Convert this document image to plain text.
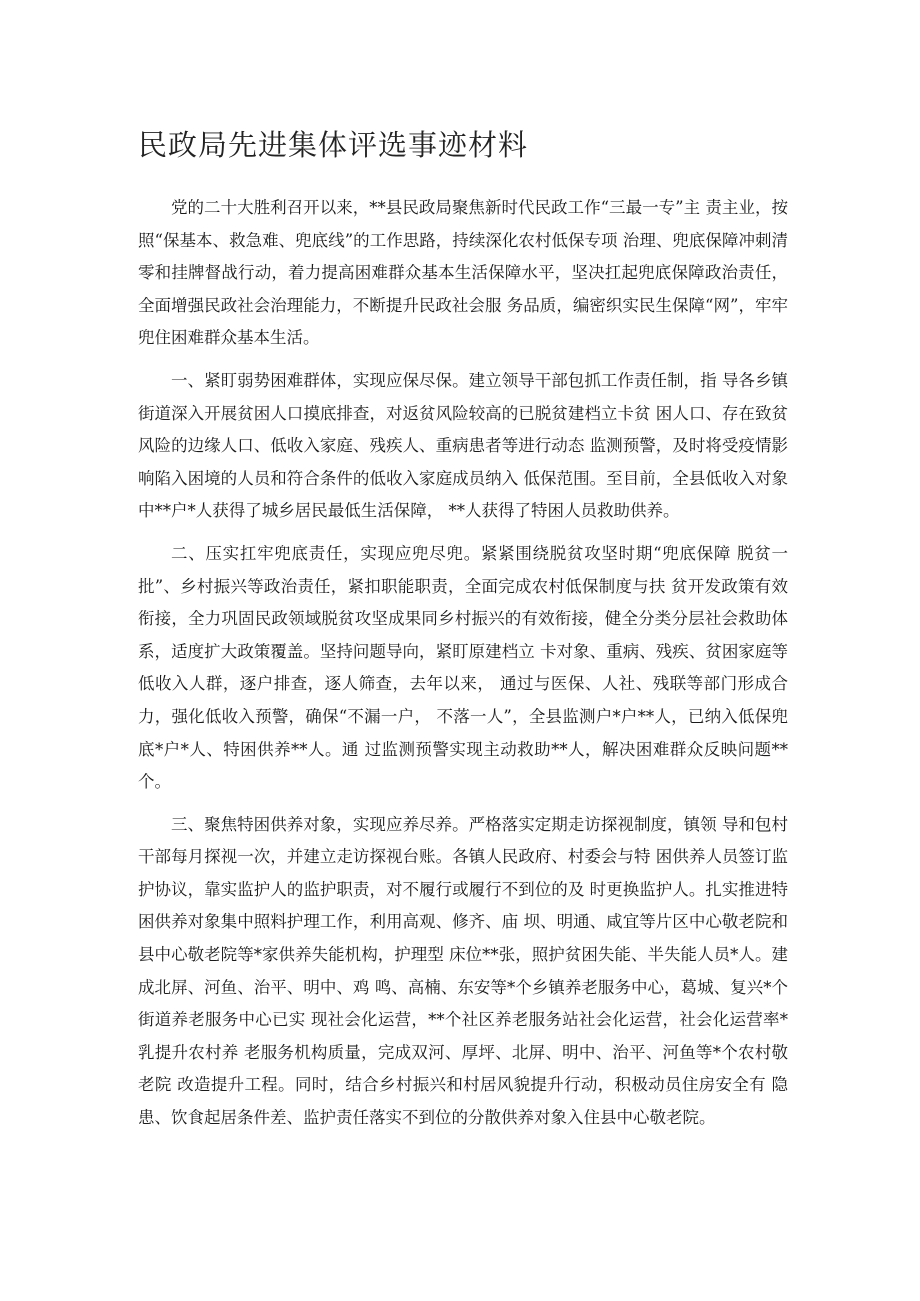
民政局先进集体评选事迹材料

党的二十大胜利召开以来，**县民政局聚焦新时代民政工作“三最一专”主 责主业，按照“保基本、救急难、兜底线”的工作思路，持续深化农村低保专项 治理、兜底保障冲刺清零和挂牌督战行动，着力提高困难群众基本生活保障水平，坚决扛起兜底保障政治责任，全面增强民政社会治理能力，不断提升民政社会服 务品质，编密织实民生保障“网”，牢牢兜住困难群众基本生活。

一、紧盯弱势困难群体，实现应保尽保。建立领导干部包抓工作责任制，指 导各乡镇街道深入开展贫困人口摸底排查，对返贫风险较高的已脱贫建档立卡贫 困人口、存在致贫风险的边缘人口、低收入家庭、残疾人、重病患者等进行动态 监测预警，及时将受疫情影响陷入困境的人员和符合条件的低收入家庭成员纳入 低保范围。至目前，全县低收入对象中**户*人获得了城乡居民最低生活保障， **人获得了特困人员救助供养。

二、压实扛牢兜底责任，实现应兜尽兜。紧紧围绕脱贫攻坚时期“兜底保障 脱贫一批”、乡村振兴等政治责任，紧扣职能职责，全面完成农村低保制度与扶 贫开发政策有效衔接，全力巩固民政领域脱贫攻坚成果同乡村振兴的有效衔接，健全分类分层社会救助体系，适度扩大政策覆盖。坚持问题导向，紧盯原建档立 卡对象、重病、残疾、贫困家庭等低收入人群，逐户排查，逐人筛查，去年以来， 通过与医保、人社、残联等部门形成合力，强化低收入预警，确保“不漏一户， 不落一人”，全县监测户*户**人，已纳入低保兜底*户*人、特困供养**人。通 过监测预警实现主动救助**人，解决困难群众反映问题**个。

三、聚焦特困供养对象，实现应养尽养。严格落实定期走访探视制度，镇领 导和包村干部每月探视一次，并建立走访探视台账。各镇人民政府、村委会与特 困供养人员签订监护协议，靠实监护人的监护职责，对不履行或履行不到位的及 时更换监护人。扎实推进特困供养对象集中照料护理工作，利用高观、修齐、庙 坝、明通、咸宜等片区中心敬老院和县中心敬老院等*家供养失能机构，护理型 床位**张，照护贫困失能、半失能人员*人。建成北屏、河鱼、治平、明中、鸡 鸣、高楠、东安等*个乡镇养老服务中心，葛城、复兴*个街道养老服务中心已实 现社会化运营，**个社区养老服务站社会化运营，社会化运营率*乳提升农村养 老服务机构质量，完成双河、厚坪、北屏、明中、治平、河鱼等*个农村敬老院 改造提升工程。同时，结合乡村振兴和村居风貌提升行动，积极动员住房安全有 隐患、饮食起居条件差、监护责任落实不到位的分散供养对象入住县中心敬老院。
